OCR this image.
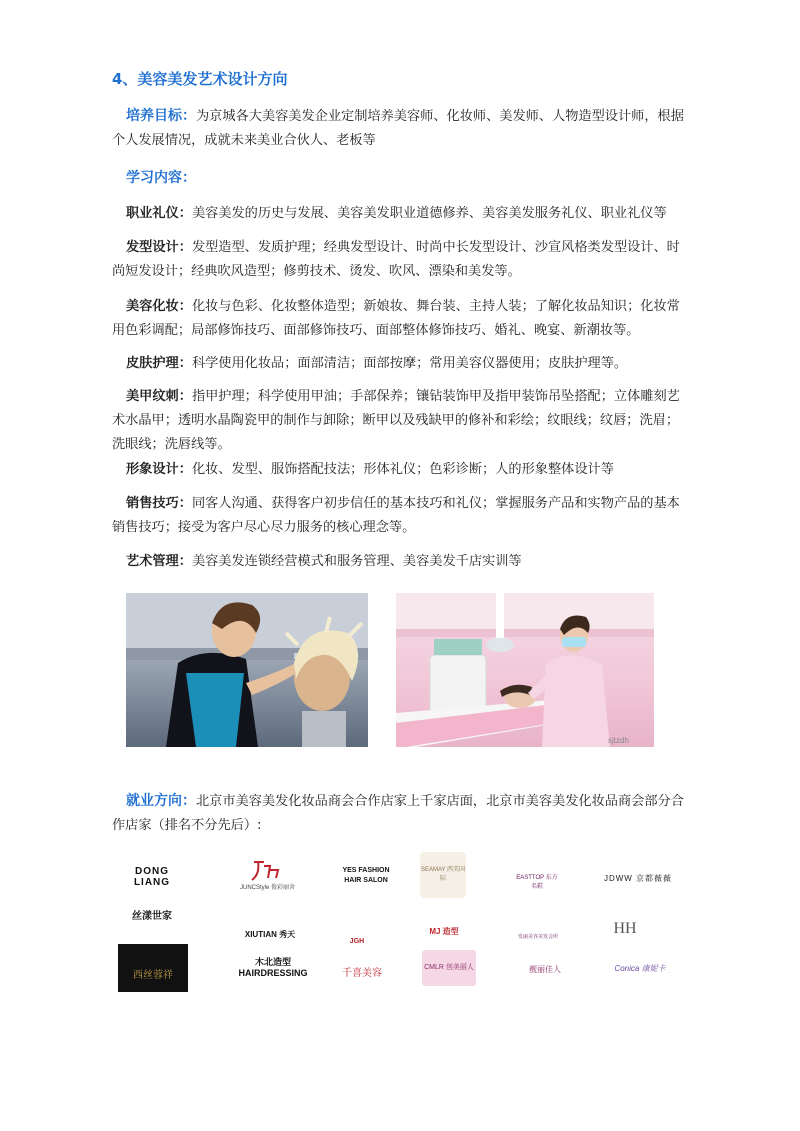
4、美容美发艺术设计方向
培养目标：为京城各大美容美发企业定制培养美容师、化妆师、美发师、人物造型设计师，根据个人发展情况，成就未来美业合伙人、老板等
学习内容：
职业礼仪：美容美发的历史与发展、美容美发职业道德修养、美容美发服务礼仪、职业礼仪等
发型设计：发型造型、发质护理；经典发型设计、时尚中长发型设计、沙宣风格类发型设计、时尚短发设计；经典吹风造型；修剪技术、烫发、吹风、漂染和美发等。
美容化妆：化妆与色彩、化妆整体造型；新娘妆、舞台装、主持人装；了解化妆品知识；化妆常用色彩调配；局部修饰技巧、面部修饰技巧、面部整体修饰技巧、婚礼、晚宴、新潮妆等。
皮肤护理：科学使用化妆品；面部清洁；面部按摩；常用美容仪器使用；皮肤护理等。
美甲纹刺：指甲护理；科学使用甲油；手部保养；镶钻装饰甲及指甲装饰吊坠搭配；立体雕刻艺术水晶甲；透明水晶陶瓷甲的制作与卸除；断甲以及残缺甲的修补和彩绘；纹眼线；纹唇；洗眉；洗眼线；洗唇线等。
形象设计：化妆、发型、服饰搭配技法；形体礼仪；色彩诊断；人的形象整体设计等
销售技巧：同客人沟通、获得客户初步信任的基本技巧和礼仪；掌握服务产品和实物产品的基本销售技巧；接受为客户尽心尽力服务的核心理念等。
艺术管理：美容美发连锁经营模式和服务管理、美容美发千店实训等
sjtzdh
就业方向：北京市美容美发化妆品商会合作店家上千家店面，北京市美容美发化妆品商会部分合作店家（排名不分先后）:
DONG LIANG	JUNCStyle 俊彩丽舍
YES FASHION HAIR SALON
SEAMAY 西美国际	EASTTOP 东方名鞋
JDWW 京都薇薇
丝漾世家
XIUTIAN 秀天
JGH
MJ 造型
发丽美容美发会所	HH
西丝蓉祥
木北造型 HAIRDRESSING	千喜美容	CMLR 创美丽人	靓丽佳人	Conica 康妮卡
